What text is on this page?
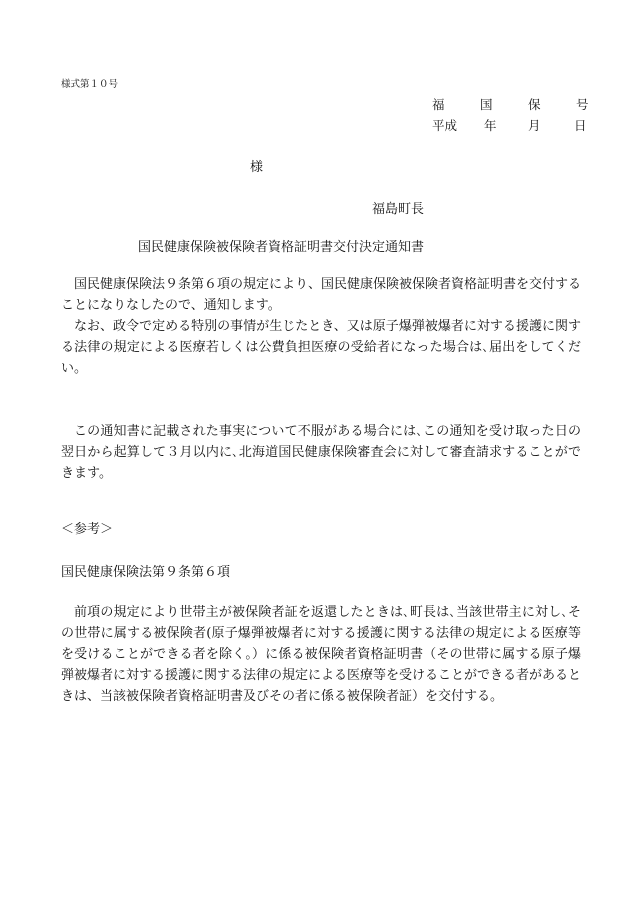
様式第１０号
福	国	保	号
平成 年	月	日
様
福島町長
国民健康保険被保険者資格証明書交付決定通知書

国民健康保険法９条第６項の規定により、国民健康保険被保険者資格証明書を交付することになりなしたので、通知します。

なお、政令で定める特別の事情が生じたとき、又は原子爆弾被爆者に対する援護に関する法律の規定による医療若しくは公費負担医療の受給者になった場合は､届出をしてくだい。

この通知書に記載された事実について不服がある場合には､この通知を受け取った日の翌日から起算して３月以内に､北海道国民健康保険審査会に対して審査請求することができます。

＜参考＞
国民健康保険法第９条第６項

前項の規定により世帯主が被保険者証を返還したときは､町長は､当該世帯主に対し､その世帯に属する被保険者(原子爆弾被爆者に対する援護に関する法律の規定による医療等を受けることができる者を除く｡）に係る被保険者資格証明書（その世帯に属する原子爆弾被爆者に対する援護に関する法律の規定による医療等を受けることができる者があるときは、当該被保険者資格証明書及びその者に係る被保険者証）を交付する。
